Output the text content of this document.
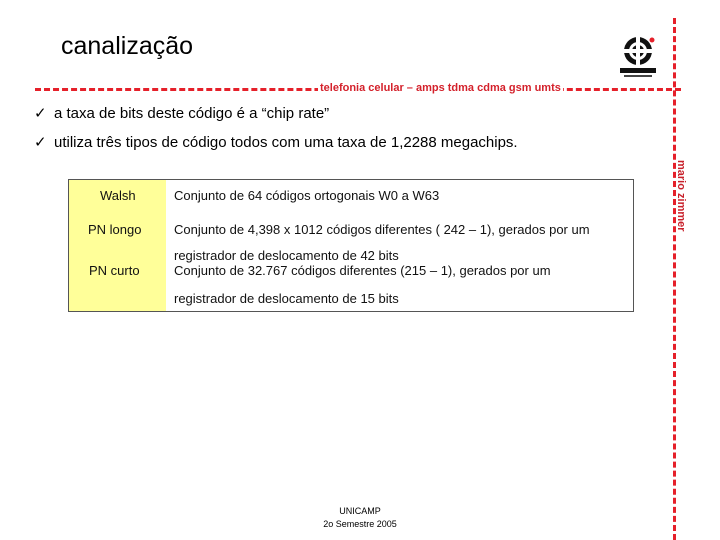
canalização
telefonia celular – amps tdma cdma gsm umts
✓ a taxa de bits deste código é a “chip rate”
✓ utiliza três tipos de código todos com uma taxa de 1,2288 megachips.
mario zimmer
Walsh	Conjunto de 64 códigos ortogonais W0 a W63
PN longo	Conjunto de 4,398 x 1012 códigos diferentes ( 242 – 1), gerados por um
registrador de deslocamento de 42 bits
PN curto	Conjunto de 32.767 códigos diferentes (215 – 1), gerados por um
registrador de deslocamento de 15 bits
UNICAMP
2o Semestre 2005
